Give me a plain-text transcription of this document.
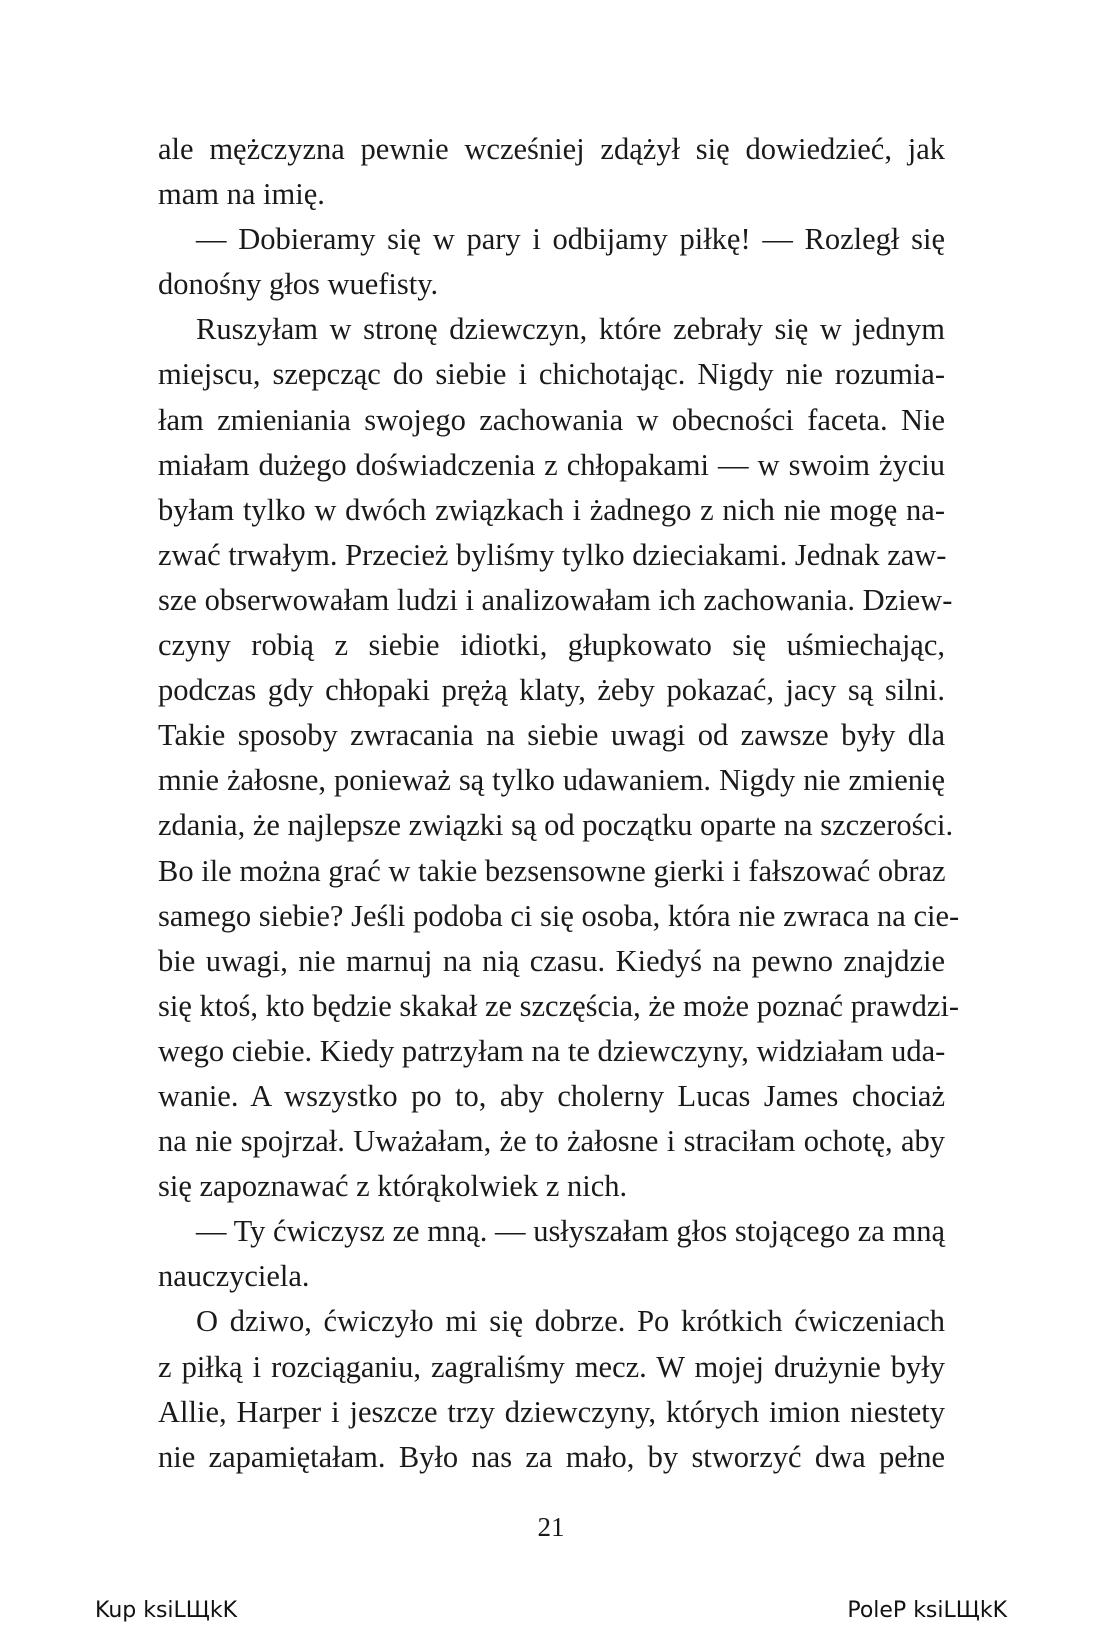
ale mężczyzna pewnie wcześniej zdążył się dowiedzieć, jak
mam na imię.
— Dobieramy się w pary i odbijamy piłkę! — Rozległ się
donośny głos wuefisty.
Ruszyłam w stronę dziewczyn, które zebrały się w jednym
miejscu, szepcząc do siebie i chichotając. Nigdy nie rozumia-
łam zmieniania swojego zachowania w obecności faceta. Nie
miałam dużego doświadczenia z chłopakami — w swoim życiu
byłam tylko w dwóch związkach i żadnego z nich nie mogę na-
zwać trwałym. Przecież byliśmy tylko dzieciakami. Jednak zaw-
sze obserwowałam ludzi i analizowałam ich zachowania. Dziew-
czyny robią z siebie idiotki, głupkowato się uśmiechając,
podczas gdy chłopaki prężą klaty, żeby pokazać, jacy są silni.
Takie sposoby zwracania na siebie uwagi od zawsze były dla
mnie żałosne, ponieważ są tylko udawaniem. Nigdy nie zmienię
zdania, że najlepsze związki są od początku oparte na szczerości.
Bo ile można grać w takie bezsensowne gierki i fałszować obraz
samego siebie? Jeśli podoba ci się osoba, która nie zwraca na cie-
bie uwagi, nie marnuj na nią czasu. Kiedyś na pewno znajdzie
się ktoś, kto będzie skakał ze szczęścia, że może poznać prawdzi-
wego ciebie. Kiedy patrzyłam na te dziewczyny, widziałam uda-
wanie. A wszystko po to, aby cholerny Lucas James chociaż
na nie spojrzał. Uważałam, że to żałosne i straciłam ochotę, aby
się zapoznawać z którąkolwiek z nich.
— Ty ćwiczysz ze mną. — usłyszałam głos stojącego za mną
nauczyciela.
O dziwo, ćwiczyło mi się dobrze. Po krótkich ćwiczeniach
z piłką i rozciąganiu, zagraliśmy mecz. W mojej drużynie były
Allie, Harper i jeszcze trzy dziewczyny, których imion niestety
nie zapamiętałam. Było nas za mało, by stworzyć dwa pełne
21
Kup ksiLЩkK	PoleP ksiLЩkK
